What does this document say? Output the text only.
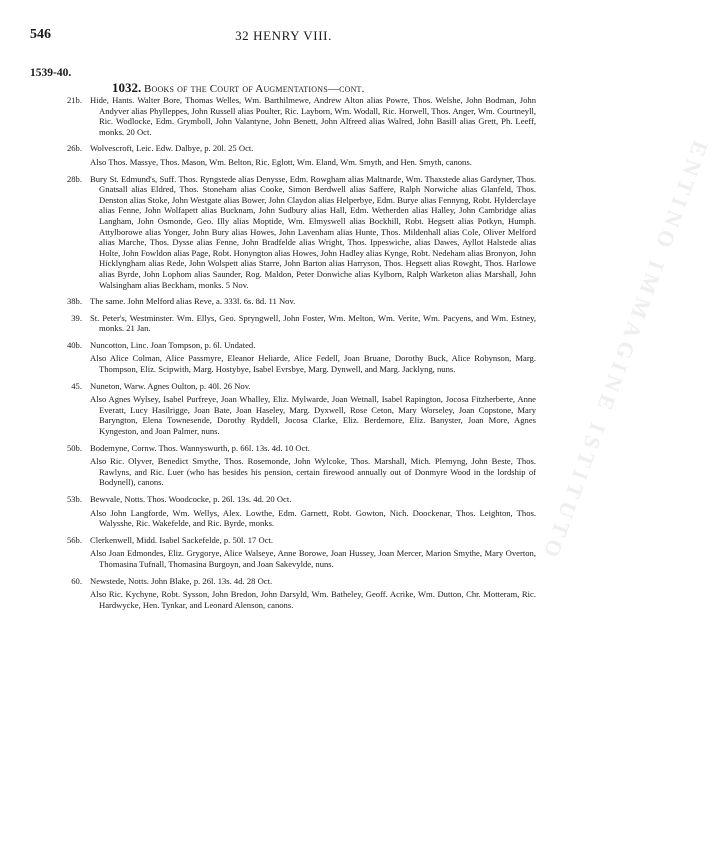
546	32 HENRY VIII.
1539-40.
1032. Books of the Court of Augmentations—cont.
21b. Hide, Hants. Walter Bore, Thomas Welles, Wm. Barthilmewe, Andrew Alton alias Powre, Thos. Welshe, John Bodman, John Andyver alias Phylleppes, John Russell alias Poulter, Ric. Layborn, Wm. Wodall, Ric. Horwell, Thos. Anger, Wm. Courtneyll, Ric. Wodlocke, Edm. Grymboll, John Valantyne, John Benett, John Alfreed alias Walred, John Basill alias Grett, Ph. Leeff, monks. 20 Oct.

26b. Wolvescroft, Leic. Edw. Dalbye, p. 20l. 25 Oct.

Also Thos. Massye, Thos. Mason, Wm. Belton, Ric. Eglott, Wm. Eland, Wm. Smyth, and Hen. Smyth, canons.

28b. Bury St. Edmund's, Suff. Thos. Ryngstede alias Denysse, Edm. Rowgham alias Maltnarde, Wm. Thaxstede alias Gardyner, Thos. Gnatsall alias Eldred, Thos. Stoneham alias Cooke, Simon Berdwell alias Saffere, Ralph Norwiche alias Glanfeld, Thos. Denston alias Stoke, John Westgate alias Bower, John Claydon alias Helperbye, Edm. Burye alias Fennyng, Robt. Hylderclaye alias Fenne, John Wolfapett alias Bucknam, John Sudbury alias Hall, Edm. Wetherden alias Halley, John Cambridge alias Langham, John Osmonde, Geo. Illy alias Moptide, Wm. Elmyswell alias Bockhill, Robt. Hegsett alias Potkyn, Humph. Attylborowe alias Yonger, John Bury alias Howes, John Lavenham alias Hunte, Thos. Mildenhall alias Cole, Oliver Melford alias Marche, Thos. Dysse alias Fenne, John Bradfelde alias Wright, Thos. Ippeswiche, alias Dawes, Ayllot Halstede alias Holte, John Fowldon alias Page, Robt. Honyngton alias Howes, John Hadley alias Kynge, Robt. Nedeham alias Bronyon, John Hicklyngham alias Rede, John Wolspett alias Starre, John Barton alias Harryson, Thos. Hegsett alias Rowght, Thos. Harlowe alias Byrde, John Lophom alias Saunder, Rog. Maldon, Peter Donwiche alias Kylborn, Ralph Warketon alias Marshall, John Walsingham alias Beckham, monks. 5 Nov.

38b. The same. John Melford alias Reve, a. 333l. 6s. 8d. 11 Nov.

39. St. Peter's, Westminster. Wm. Ellys, Geo. Spryngwell, John Foster, Wm. Melton, Wm. Verite, Wm. Pacyens, and Wm. Estney, monks. 21 Jan.

40b. Nuncotton, Linc. Joan Tompson, p. 6l. Undated.

Also Alice Colman, Alice Passmyre, Eleanor Heliarde, Alice Fedell, Joan Bruane, Dorothy Buck, Alice Robynson, Marg. Thompson, Eliz. Scipwith, Marg. Hostybye, Isabel Evrsbye, Marg. Dynwell, and Marg. Jacklyng, nuns.

45. Nuneton, Warw. Agnes Oulton, p. 40l. 26 Nov.

Also Agnes Wylsey, Isabel Purfreye, Joan Whalley, Eliz. Mylwarde, Joan Wetnall, Isabel Rapington, Jocosa Fitzherberte, Anne Everatt, Lucy Hasilrigge, Joan Bate, Joan Haseley, Marg. Dyxwell, Rose Ceton, Mary Worseley, Joan Copstone, Mary Baryngton, Elena Townesende, Dorothy Ryddell, Jocosa Clarke, Eliz. Berdemore, Eliz. Banyster, Joan More, Agnes Kyngeston, and Joan Palmer, nuns.

50b. Bodemyne, Cornw. Thos. Wannyswurth, p. 66l. 13s. 4d. 10 Oct.

Also Ric. Olyver, Benedict Smythe, Thos. Rosemonde, John Wylcoke, Thos. Marshall, Mich. Plemyng, John Beste, Thos. Rawlyns, and Ric. Luer (who has besides his pension, certain firewood annually out of Donmyre Wood in the lordship of Bodynell), canons.

53b. Bewvale, Notts. Thos. Woodcocke, p. 26l. 13s. 4d. 20 Oct.

Also John Langforde, Wm. Wellys, Alex. Lowthe, Edm. Garnett, Robt. Gowton, Nich. Doockenar, Thos. Leighton, Thos. Walysshe, Ric. Wakefelde, and Ric. Byrde, monks.

56b. Clerkenwell, Midd. Isabel Sackefelde, p. 50l. 17 Oct.

Also Joan Edmondes, Eliz. Grygorye, Alice Walseye, Anne Borowe, Joan Hussey, Joan Mercer, Marion Smythe, Mary Overton, Thomasina Tufnall, Thomasina Burgoyn, and Joan Sakevylde, nuns.

60. Newstede, Notts. John Blake, p. 26l. 13s. 4d. 28 Oct.

Also Ric. Kychyne, Robt. Sysson, John Bredon, John Darsyld, Wm. Batheley, Geoff. Acrike, Wm. Dutton, Chr. Motteram, Ric. Hardwycke, Hen. Tynkar, and Leonard Alenson, canons.

ENTINO IMMAGINE ISTITUTO
